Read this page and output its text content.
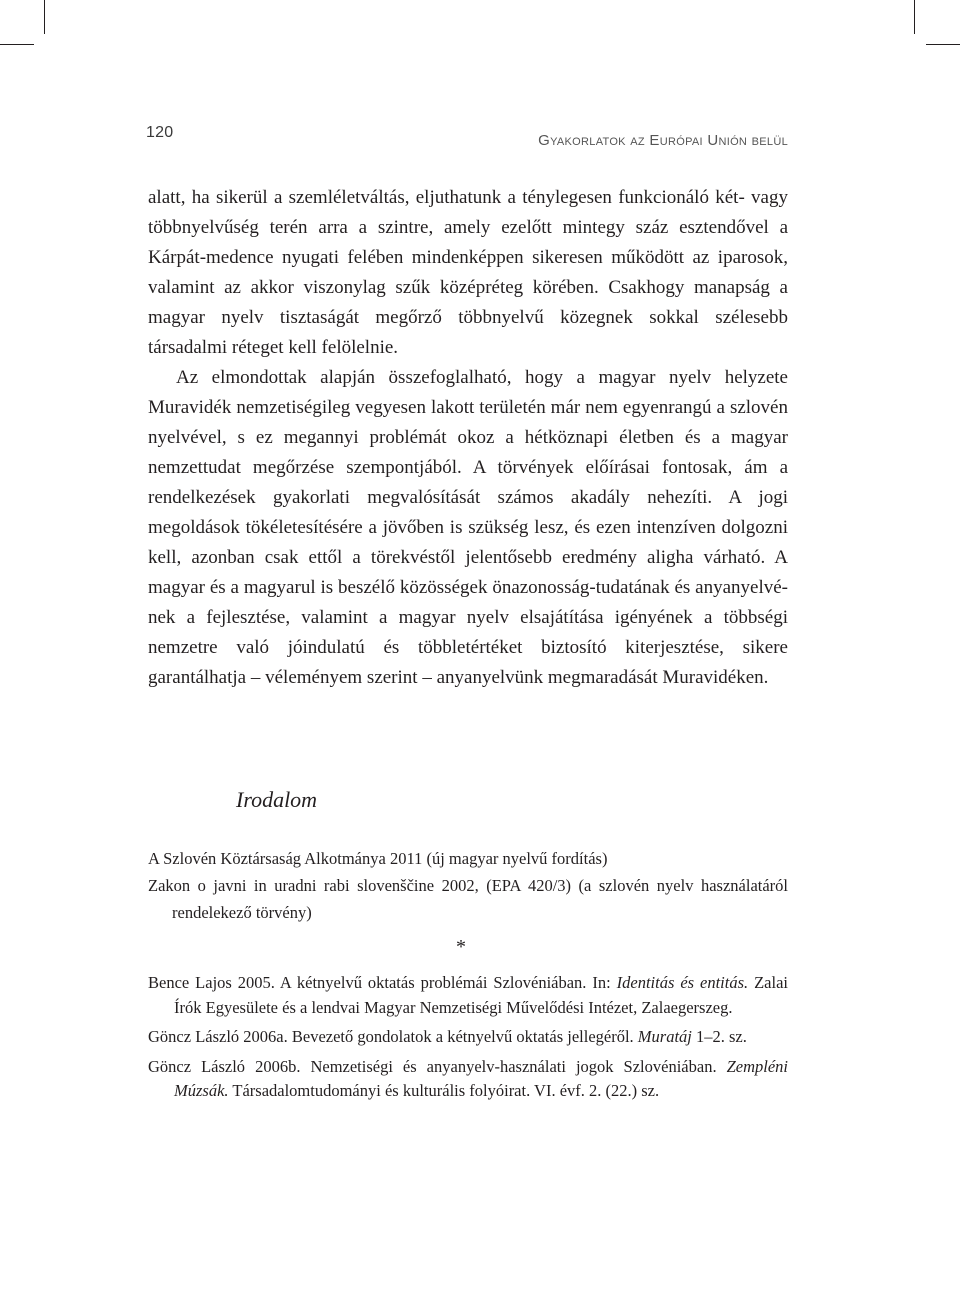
120	Gyakorlatok az Európai Unión belül

alatt, ha sikerül a szemléletváltás, eljuthatunk a ténylegesen funkcionáló két- vagy többnyelvűség terén arra a szintre, amely ezelőtt mintegy száz esztendővel a Kárpát-medence nyugati felében mindenképpen sikeresen működött az iparosok, valamint az akkor viszonylag szűk középréteg körében. Csakhogy manapság a magyar nyelv tisztaságát megőrző többnyelvű közegnek sokkal szélesebb társadalmi réteget kell felölelnie.

Az elmondottak alapján összefoglalható, hogy a magyar nyelv helyzete Muravidék nemzetiségileg vegyesen lakott területén már nem egyenrangú a szlovén nyelvével, s ez megannyi problémát okoz a hétköznapi életben és a magyar nemzettudat megőrzése szempontjából. A törvények előírásai fontosak, ám a rendelkezések gyakorlati megvalósítását számos akadály nehezíti. A jogi megoldások tökéletesítésére a jövőben is szükség lesz, és ezen intenzíven dolgozni kell, azonban csak ettől a törekvéstől jelentősebb eredmény aligha várható. A magyar és a magyarul is beszélő közösségek önazonosság-tudatának és anyanyelvének a fejlesztése, valamint a magyar nyelv elsajátítása igényének a többségi nemzetre való jóindulatú és többletértéket biztosító kiterjesztése, sikere garantálhatja – véleményem szerint – anyanyelvünk megmaradását Muravidéken.

Irodalom

A Szlovén Köztársaság Alkotmánya 2011 (új magyar nyelvű fordítás)

Zakon o javni in uradni rabi slovenščine 2002, (EPA 420/3) (a szlovén nyelv használatáról rendelekező törvény)

*

Bence Lajos 2005. A kétnyelvű oktatás problémái Szlovéniában. In: Identitás és entitás. Zalai Írók Egyesülete és a lendvai Magyar Nemzetiségi Művelődési Intézet, Zalaegerszeg.

Göncz László 2006a. Bevezető gondolatok a kétnyelvű oktatás jellegéről. Muratáj 1–2. sz.

Göncz László 2006b. Nemzetiségi és anyanyelv-használati jogok Szlovéniában. Zempléni Múzsák. Társadalomtudományi és kulturális folyóirat. VI. évf. 2. (22.) sz.
